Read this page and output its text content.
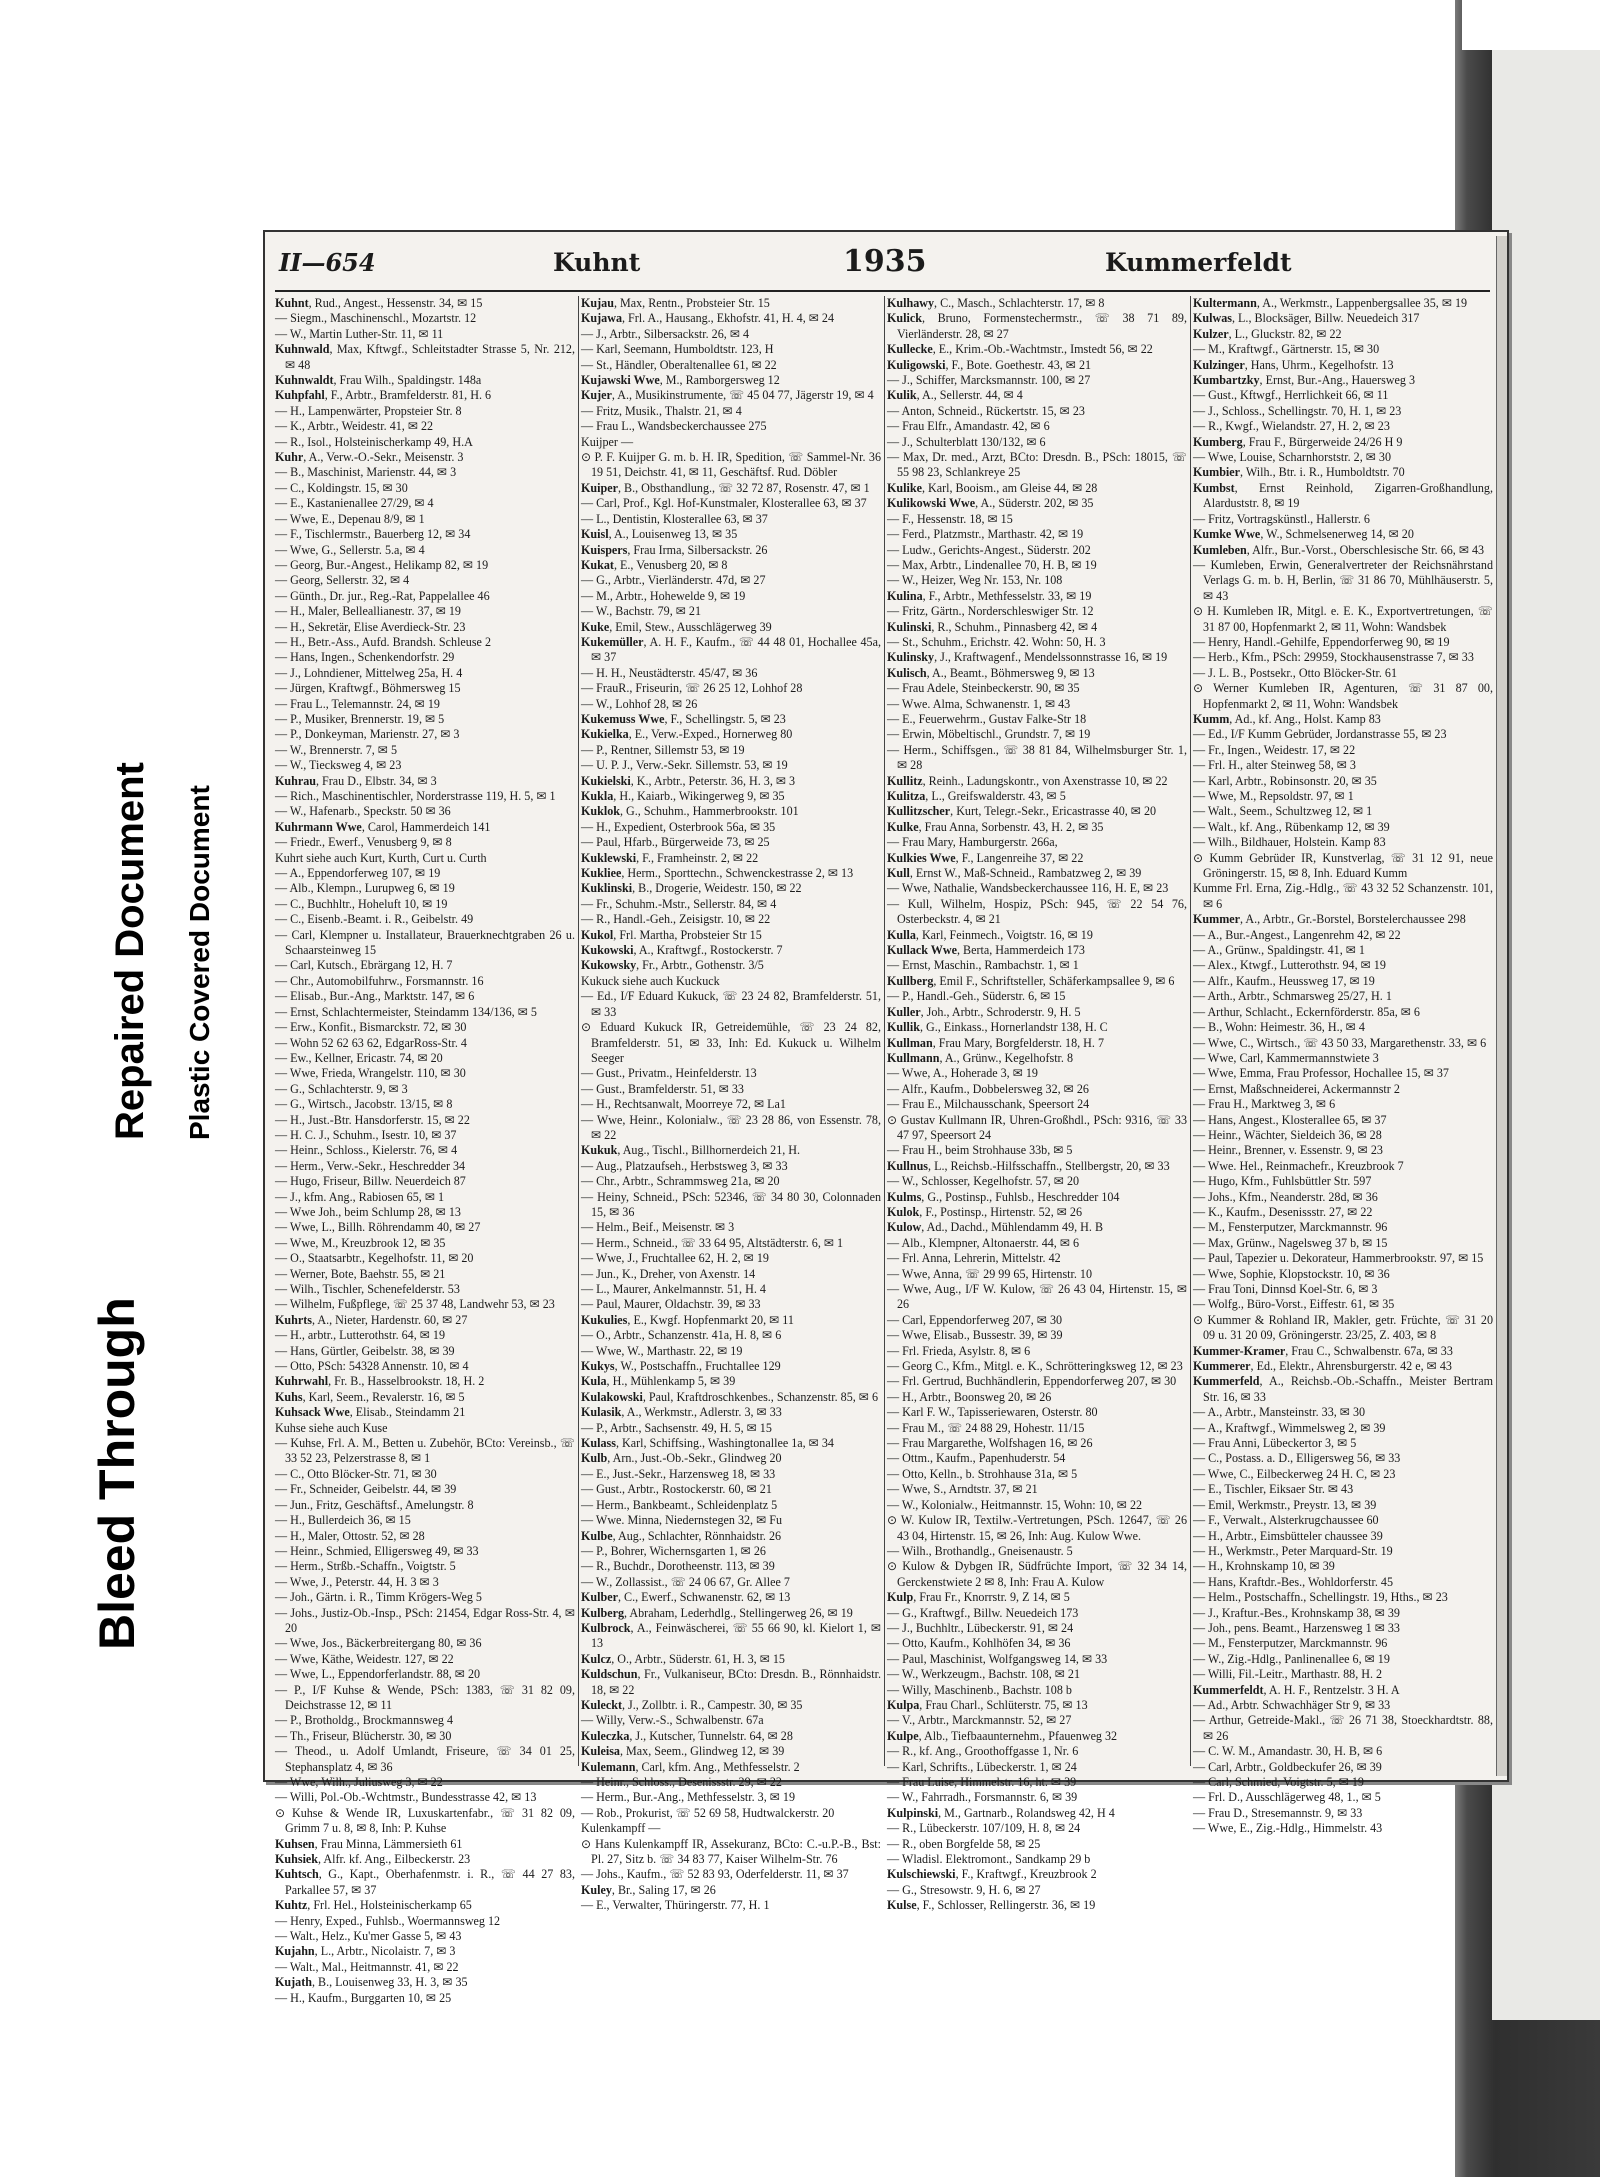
Bleed Through
Repaired Document Plastic Covered Document
II—654	Kuhnt	1935	Kummerfeldt

Kuhnt, Rud., Angest., Hessenstr. 34, ✉ 15

— Siegm., Maschinenschl., Mozartstr. 12

— W., Martin Luther-Str. 11, ✉ 11

Kuhnwald, Max, Kftwgf., Schleitstadter Strasse 5, Nr. 212, ✉ 48

Kuhnwaldt, Frau Wilh., Spaldingstr. 148a

Kuhpfahl, F., Arbtr., Bramfelderstr. 81, H. 6

— H., Lampenwärter, Propsteier Str. 8

— K., Arbtr., Weidestr. 41, ✉ 22

— R., Isol., Holsteinischerkamp 49, H.A

Kuhr, A., Verw.-O.-Sekr., Meisenstr. 3

— B., Maschinist, Marienstr. 44, ✉ 3

— C., Koldingstr. 15, ✉ 30

— E., Kastanienallee 27/29, ✉ 4

— Wwe, E., Depenau 8/9, ✉ 1

— F., Tischlermstr., Bauerberg 12, ✉ 34

— Wwe, G., Sellerstr. 5.a, ✉ 4

— Georg, Bur.-Angest., Helikamp 82, ✉ 19

— Georg, Sellerstr. 32, ✉ 4

— Günth., Dr. jur., Reg.-Rat, Pappelallee 46

— H., Maler, Belleallianestr. 37, ✉ 19

— H., Sekretär, Elise Averdieck-Str. 23

— H., Betr.-Ass., Aufd. Brandsh. Schleuse 2

— Hans, Ingen., Schenkendorfstr. 29

— J., Lohndiener, Mittelweg 25a, H. 4

— Jürgen, Kraftwgf., Böhmersweg 15

— Frau L., Telemannstr. 24, ✉ 19

— P., Musiker, Brennerstr. 19, ✉ 5

— P., Donkeyman, Marienstr. 27, ✉ 3

— W., Brennerstr. 7, ✉ 5

— W., Tiecksweg 4, ✉ 23

Kuhrau, Frau D., Elbstr. 34, ✉ 3

— Rich., Maschinentischler, Norderstrasse 119, H. 5, ✉ 1

— W., Hafenarb., Speckstr. 50 ✉ 36

Kuhrmann Wwe, Carol, Hammerdeich 141

— Friedr., Ewerf., Venusberg 9, ✉ 8

Kuhrt siehe auch Kurt, Kurth, Curt u. Curth

— A., Eppendorferweg 107, ✉ 19

— Alb., Klempn., Lurupweg 6, ✉ 19

— C., Buchhltr., Hoheluft 10, ✉ 19

— C., Eisenb.-Beamt. i. R., Geibelstr. 49

— Carl, Klempner u. Installateur, Brauerknechtgraben 26 u. Schaarsteinweg 15

— Carl, Kutsch., Ebrärgang 12, H. 7

— Chr., Automobilfuhrw., Forsmannstr. 16

— Elisab., Bur.-Ang., Marktstr. 147, ✉ 6

— Ernst, Schlachtermeister, Steindamm 134/136, ✉ 5

— Erw., Konfit., Bismarckstr. 72, ✉ 30

— Wohn 52 62 63 62, EdgarRoss-Str. 4

— Ew., Kellner, Ericastr. 74, ✉ 20

— Wwe, Frieda, Wrangelstr. 110, ✉ 30

— G., Schlachterstr. 9, ✉ 3

— G., Wirtsch., Jacobstr. 13/15, ✉ 8

— H., Just.-Btr. Hansdorferstr. 15, ✉ 22

— H. C. J., Schuhm., Isestr. 10, ✉ 37

— Heinr., Schloss., Kielerstr. 76, ✉ 4

— Herm., Verw.-Sekr., Heschredder 34

— Hugo, Friseur, Billw. Neuerdeich 87

— J., kfm. Ang., Rabiosen 65, ✉ 1

— Wwe Joh., beim Schlump 28, ✉ 13

— Wwe, L., Billh. Röhrendamm 40, ✉ 27

— Wwe, M., Kreuzbrook 12, ✉ 35

— O., Staatsarbtr., Kegelhofstr. 11, ✉ 20

— Werner, Bote, Baehstr. 55, ✉ 21

— Wilh., Tischler, Schenefelderstr. 53

— Wilhelm, Fußpflege, ☏ 25 37 48, Landwehr 53, ✉ 23

Kuhrts, A., Nieter, Hardenstr. 60, ✉ 27

— H., arbtr., Lutterothstr. 64, ✉ 19

— Hans, Gürtler, Geibelstr. 38, ✉ 39

— Otto, PSch: 54328 Annenstr. 10, ✉ 4

Kuhrwahl, Fr. B., Hasselbrookstr. 18, H. 2

Kuhs, Karl, Seem., Revalerstr. 16, ✉ 5

Kuhsack Wwe, Elisab., Steindamm 21

Kuhse siehe auch Kuse

— Kuhse, Frl. A. M., Betten u. Zubehör, BCto: Vereinsb., ☏ 33 52 23, Pelzerstrasse 8, ✉ 1

— C., Otto Blöcker-Str. 71, ✉ 30

— Fr., Schneider, Geibelstr. 44, ✉ 39

— Jun., Fritz, Geschäftsf., Amelungstr. 8

— H., Bullerdeich 36, ✉ 15

— H., Maler, Ottostr. 52, ✉ 28

— Heinr., Schmied, Elligersweg 49, ✉ 33

— Herm., Strßb.-Schaffn., Voigtstr. 5

— Wwe, J., Peterstr. 44, H. 3 ✉ 3

— Joh., Gärtn. i. R., Timm Krögers-Weg 5

— Johs., Justiz-Ob.-Insp., PSch: 21454, Edgar Ross-Str. 4, ✉ 20

— Wwe, Jos., Bäckerbreitergang 80, ✉ 36

— Wwe, Käthe, Weidestr. 127, ✉ 22

— Wwe, L., Eppendorferlandstr. 88, ✉ 20

— P., I/F Kuhse & Wende, PSch: 1383, ☏ 31 82 09, Deichstrasse 12, ✉ 11

— P., Brotholdg., Brockmannsweg 4

— Th., Friseur, Blücherstr. 30, ✉ 30

— Theod., u. Adolf Umlandt, Friseure, ☏ 34 01 25, Stephansplatz 4, ✉ 36

— Wwe, Wilh., Juliusweg 3, ✉ 22

— Willi, Pol.-Ob.-Wchtmstr., Bundesstrasse 42, ✉ 13

⊙ Kuhse & Wende IR, Luxuskartenfabr., ☏ 31 82 09, Grimm 7 u. 8, ✉ 8, Inh: P. Kuhse

Kuhsen, Frau Minna, Lämmersieth 61

Kuhsiek, Alfr. kf. Ang., Eilbeckerstr. 23

Kuhtsch, G., Kapt., Oberhafenmstr. i. R., ☏ 44 27 83, Parkallee 57, ✉ 37

Kuhtz, Frl. Hel., Holsteinischerkamp 65

— Henry, Exped., Fuhlsb., Woermannsweg 12

— Walt., Helz., Ku'mer Gasse 5, ✉ 43

Kujahn, L., Arbtr., Nicolaistr. 7, ✉ 3

— Walt., Mal., Heitmannstr. 41, ✉ 22

Kujath, B., Louisenweg 33, H. 3, ✉ 35

— H., Kaufm., Burggarten 10, ✉ 25

Kujau, Max, Rentn., Probsteier Str. 15

Kujawa, Frl. A., Hausang., Ekhofstr. 41, H. 4, ✉ 24

— J., Arbtr., Silbersackstr. 26, ✉ 4

— Karl, Seemann, Humboldtstr. 123, H

— St., Händler, Oberaltenallee 61, ✉ 22

Kujawski Wwe, M., Ramborgersweg 12

Kujer, A., Musikinstrumente, ☏ 45 04 77, Jägerstr 19, ✉ 4

— Fritz, Musik., Thalstr. 21, ✉ 4

— Frau L., Wandsbeckerchaussee 275

Kuijper —

⊙ P. F. Kuijper G. m. b. H. IR, Spedition, ☏ Sammel-Nr. 36 19 51, Deichstr. 41, ✉ 11, Geschäftsf. Rud. Döbler

Kuiper, B., Obsthandlung., ☏ 32 72 87, Rosenstr. 47, ✉ 1

— Carl, Prof., Kgl. Hof-Kunstmaler, Klosterallee 63, ✉ 37

— L., Dentistin, Klosterallee 63, ✉ 37

Kuisl, A., Louisenweg 13, ✉ 35

Kuispers, Frau Irma, Silbersackstr. 26

Kukat, E., Venusberg 20, ✉ 8

— G., Arbtr., Vierländerstr. 47d, ✉ 27

— M., Arbtr., Hohewelde 9, ✉ 19

— W., Bachstr. 79, ✉ 21

Kuke, Emil, Stew., Ausschlägerweg 39

Kukemüller, A. H. F., Kaufm., ☏ 44 48 01, Hochallee 45a, ✉ 37

— H. H., Neustädterstr. 45/47, ✉ 36

— FrauR., Friseurin, ☏ 26 25 12, Lohhof 28

— W., Lohhof 28, ✉ 26

Kukemuss Wwe, F., Schellingstr. 5, ✉ 23

Kukielka, E., Verw.-Exped., Hornerweg 80

— P., Rentner, Sillemstr 53, ✉ 19

— U. P. J., Verw.-Sekr. Sillemstr. 53, ✉ 19

Kukielski, K., Arbtr., Peterstr. 36, H. 3, ✉ 3

Kukla, H., Kaiarb., Wikingerweg 9, ✉ 35

Kuklok, G., Schuhm., Hammerbrookstr. 101

— H., Expedient, Osterbrook 56a, ✉ 35

— Paul, Hfarb., Bürgerweide 73, ✉ 25

Kuklewski, F., Framheinstr. 2, ✉ 22

Kukliee, Herm., Sporttechn., Schwenckestrasse 2, ✉ 13

Kuklinski, B., Drogerie, Weidestr. 150, ✉ 22

— Fr., Schuhm.-Mstr., Sellerstr. 84, ✉ 4

— R., Handl.-Geh., Zeisigstr. 10, ✉ 22

Kukol, Frl. Martha, Probsteier Str 15

Kukowski, A., Kraftwgf., Rostockerstr. 7

Kukowsky, Fr., Arbtr., Gothenstr. 3/5

Kukuck siehe auch Kuckuck

— Ed., I/F Eduard Kukuck, ☏ 23 24 82, Bramfelderstr. 51, ✉ 33

⊙ Eduard Kukuck IR, Getreidemühle, ☏ 23 24 82, Bramfelderstr. 51, ✉ 33, Inh: Ed. Kukuck u. Wilhelm Seeger

— Gust., Privatm., Heinfelderstr. 13

— Gust., Bramfelderstr. 51, ✉ 33

— H., Rechtsanwalt, Moorreye 72, ✉ La1

— Wwe, Heinr., Kolonialw., ☏ 23 28 86, von Essenstr. 78, ✉ 22

Kukuk, Aug., Tischl., Billhornerdeich 21, H.

— Aug., Platzaufseh., Herbstsweg 3, ✉ 33

— Chr., Arbtr., Schrammsweg 21a, ✉ 20

— Heiny, Schneid., PSch: 52346, ☏ 34 80 30, Colonnaden 15, ✉ 36

— Helm., Beif., Meisenstr. ✉ 3

— Herm., Schneid., ☏ 33 64 95, Altstädterstr. 6, ✉ 1

— Wwe, J., Fruchtallee 62, H. 2, ✉ 19

— Jun., K., Dreher, von Axenstr. 14

— L., Maurer, Ankelmannstr. 51, H. 4

— Paul, Maurer, Oldachstr. 39, ✉ 33

Kukulies, E., Kwgf. Hopfenmarkt 20, ✉ 11

— O., Arbtr., Schanzenstr. 41a, H. 8, ✉ 6

— Wwe, W., Marthastr. 22, ✉ 19

Kukys, W., Postschaffn., Fruchtallee 129

Kula, H., Mühlenkamp 5, ✉ 39

Kulakowski, Paul, Kraftdroschkenbes., Schanzenstr. 85, ✉ 6

Kulasik, A., Werkmstr., Adlerstr. 3, ✉ 33

— P., Arbtr., Sachsenstr. 49, H. 5, ✉ 15

Kulass, Karl, Schiffsing., Washingtonallee 1a, ✉ 34

Kulb, Arn., Just.-Ob.-Sekr., Glindweg 20

— E., Just.-Sekr., Harzensweg 18, ✉ 33

— Gust., Arbtr., Rostockerstr. 60, ✉ 21

— Herm., Bankbeamt., Schleidenplatz 5

— Wwe. Minna, Niedernstegen 32, ✉ Fu

Kulbe, Aug., Schlachter, Rönnhaidstr. 26

— P., Bohrer, Wichernsgarten 1, ✉ 26

— R., Buchdr., Dorotheenstr. 113, ✉ 39

— W., Zollassist., ☏ 24 06 67, Gr. Allee 7

Kulber, C., Ewerf., Schwanenstr. 62, ✉ 13

Kulberg, Abraham, Lederhdlg., Stellingerweg 26, ✉ 19

Kulbrock, A., Feinwäscherei, ☏ 55 66 90, kl. Kielort 1, ✉ 13

Kulcz, O., Arbtr., Süderstr. 61, H. 3, ✉ 15

Kuldschun, Fr., Vulkaniseur, BCto: Dresdn. B., Rönnhaidstr. 18, ✉ 22

Kuleckt, J., Zollbtr. i. R., Campestr. 30, ✉ 35

— Willy, Verw.-S., Schwalbenstr. 67a

Kuleczka, J., Kutscher, Tunnelstr. 64, ✉ 28

Kuleisa, Max, Seem., Glindweg 12, ✉ 39

Kulemann, Carl, kfm. Ang., Methfesselstr. 2

— Heinr., Schloss., Desenissstr. 29, ✉ 22

— Herm., Bur.-Ang., Methfesselstr. 3, ✉ 19

— Rob., Prokurist, ☏ 52 69 58, Hudtwalckerstr. 20

Kulenkampff —

⊙ Hans Kulenkampff IR, Assekuranz, BCto: C.-u.P.-B., Bst: Pl. 27, Sitz b. ☏ 34 83 77, Kaiser Wilhelm-Str. 76

— Johs., Kaufm., ☏ 52 83 93, Oderfelderstr. 11, ✉ 37

Kuley, Br., Saling 17, ✉ 26

— E., Verwalter, Thüringerstr. 77, H. 1

Kulhawy, C., Masch., Schlachterstr. 17, ✉ 8

Kulick, Bruno, Formenstechermstr., ☏ 38 71 89, Vierländerstr. 28, ✉ 27

Kullecke, E., Krim.-Ob.-Wachtmstr., Imstedt 56, ✉ 22

Kuligowski, F., Bote. Goethestr. 43, ✉ 21

— J., Schiffer, Marcksmannstr. 100, ✉ 27

Kulik, A., Sellerstr. 44, ✉ 4

— Anton, Schneid., Rückertstr. 15, ✉ 23

— Frau Elfr., Amandastr. 42, ✉ 6

— J., Schulterblatt 130/132, ✉ 6

— Max, Dr. med., Arzt, BCto: Dresdn. B., PSch: 18015, ☏ 55 98 23, Schlankreye 25

Kulike, Karl, Booism., am Gleise 44, ✉ 28

Kulikowski Wwe, A., Süderstr. 202, ✉ 35

— F., Hessenstr. 18, ✉ 15

— Ferd., Platzmstr., Marthastr. 42, ✉ 19

— Ludw., Gerichts-Angest., Süderstr. 202

— Max, Arbtr., Lindenallee 70, H. B, ✉ 19

— W., Heizer, Weg Nr. 153, Nr. 108

Kulina, F., Arbtr., Methfesselstr. 33, ✉ 19

— Fritz, Gärtn., Norderschleswiger Str. 12

Kulinski, R., Schuhm., Pinnasberg 42, ✉ 4

— St., Schuhm., Erichstr. 42. Wohn: 50, H. 3

Kulinsky, J., Kraftwagenf., Mendelssonnstrasse 16, ✉ 19

Kulisch, A., Beamt., Böhmersweg 9, ✉ 13

— Frau Adele, Steinbeckerstr. 90, ✉ 35

— Wwe. Alma, Schwanenstr. 1, ✉ 43

— E., Feuerwehrm., Gustav Falke-Str 18

— Erwin, Möbeltischl., Grundstr. 7, ✉ 19

— Herm., Schiffsgen., ☏ 38 81 84, Wilhelmsburger Str. 1, ✉ 28

Kullitz, Reinh., Ladungskontr., von Axenstrasse 10, ✉ 22

Kulitza, L., Greifswalderstr. 43, ✉ 5

Kullitzscher, Kurt, Telegr.-Sekr., Ericastrasse 40, ✉ 20

Kulke, Frau Anna, Sorbenstr. 43, H. 2, ✉ 35

— Frau Mary, Hamburgerstr. 266a,

Kulkies Wwe, F., Langenreihe 37, ✉ 22

Kull, Ernst W., Maß-Schneid., Rambatzweg 2, ✉ 39

— Wwe, Nathalie, Wandsbeckerchaussee 116, H. E, ✉ 23

— Kull, Wilhelm, Hospiz, PSch: 945, ☏ 22 54 76, Osterbeckstr. 4, ✉ 21

Kulla, Karl, Feinmech., Voigtstr. 16, ✉ 19

Kullack Wwe, Berta, Hammerdeich 173

— Ernst, Maschin., Rambachstr. 1, ✉ 1

Kullberg, Emil F., Schriftsteller, Schäferkampsallee 9, ✉ 6

— P., Handl.-Geh., Süderstr. 6, ✉ 15

Kuller, Joh., Arbtr., Schroderstr. 9, H. 5

Kullik, G., Einkass., Hornerlandstr 138, H. C

Kullman, Frau Mary, Borgfelderstr. 18, H. 7

Kullmann, A., Grünw., Kegelhofstr. 8

— Wwe, A., Hoherade 3, ✉ 19

— Alfr., Kaufm., Dobbelersweg 32, ✉ 26

— Frau E., Milchausschank, Speersort 24

⊙ Gustav Kullmann IR, Uhren-Großhdl., PSch: 9316, ☏ 33 47 97, Speersort 24

— Frau H., beim Strohhause 33b, ✉ 5

Kullnus, L., Reichsb.-Hilfsschaffn., Stellbergstr, 20, ✉ 33

— W., Schlosser, Kegelhofstr. 57, ✉ 20

Kulms, G., Postinsp., Fuhlsb., Heschredder 104

Kulok, F., Postinsp., Hirtenstr. 52, ✉ 26

Kulow, Ad., Dachd., Mühlendamm 49, H. B

— Alb., Klempner, Altonaerstr. 44, ✉ 6

— Frl. Anna, Lehrerin, Mittelstr. 42

— Wwe, Anna, ☏ 29 99 65, Hirtenstr. 10

— Wwe, Aug., I/F W. Kulow, ☏ 26 43 04, Hirtenstr. 15, ✉ 26

— Carl, Eppendorferweg 207, ✉ 30

— Wwe, Elisab., Bussestr. 39, ✉ 39

— Frl. Frieda, Asylstr. 8, ✉ 6

— Georg C., Kfm., Mitgl. e. K., Schrötteringksweg 12, ✉ 23

— Frl. Gertrud, Buchhändlerin, Eppendorferweg 207, ✉ 30

— H., Arbtr., Boonsweg 20, ✉ 26

— Karl F. W., Tapisseriewaren, Osterstr. 80

— Frau M., ☏ 24 88 29, Hohestr. 11/15

— Frau Margarethe, Wolfshagen 16, ✉ 26

— Ottm., Kaufm., Papenhuderstr. 54

— Otto, Kelln., b. Strohhause 31a, ✉ 5

— Wwe, S., Arndtstr. 37, ✉ 21

— W., Kolonialw., Heitmannstr. 15, Wohn: 10, ✉ 22

⊙ W. Kulow IR, Textilw.-Vertretungen, PSch. 12647, ☏ 26 43 04, Hirtenstr. 15, ✉ 26, Inh: Aug. Kulow Wwe.

— Wilh., Brothandlg., Gneisenaustr. 5

⊙ Kulow & Dybgen IR, Südfrüchte Import, ☏ 32 34 14, Gerckenstwiete 2 ✉ 8, Inh: Frau A. Kulow

Kulp, Frau Fr., Knorrstr. 9, Z 14, ✉ 5

— G., Kraftwgf., Billw. Neuedeich 173

— J., Buchhltr., Lübeckerstr. 91, ✉ 24

— Otto, Kaufm., Kohlhöfen 34, ✉ 36

— Paul, Maschinist, Wolfgangsweg 14, ✉ 33

— W., Werkzeugm., Bachstr. 108, ✉ 21

— Willy, Maschinenb., Bachstr. 108 b

Kulpa, Frau Charl., Schlüterstr. 75, ✉ 13

— V., Arbtr., Marckmannstr. 52, ✉ 27

Kulpe, Alb., Tiefbaaunternehm., Pfauenweg 32

— R., kf. Ang., Groothoffgasse 1, Nr. 6

— Karl, Schrifts., Lübeckerstr. 1, ✉ 24

— Frau Luise, Himmelstr. 16, ht. ✉ 39

— W., Fahrradh., Forsmannstr. 6, ✉ 39

Kulpinski, M., Gartnarb., Rolandsweg 42, H 4

— R., Lübeckerstr. 107/109, H. 8, ✉ 24

— R., oben Borgfelde 58, ✉ 25

— Wladisl. Elektromont., Sandkamp 29 b

Kulschiewski, F., Kraftwgf., Kreuzbrook 2

— G., Stresowstr. 9, H. 6, ✉ 27

Kulse, F., Schlosser, Rellingerstr. 36, ✉ 19

Kultermann, A., Werkmstr., Lappenbergsallee 35, ✉ 19

Kulwas, L., Blocksäger, Billw. Neuedeich 317

Kulzer, L., Gluckstr. 82, ✉ 22

— M., Kraftwgf., Gärtnerstr. 15, ✉ 30

Kulzinger, Hans, Uhrm., Kegelhofstr. 13

Kumbartzky, Ernst, Bur.-Ang., Hauersweg 3

— Gust., Kftwgf., Herrlichkeit 66, ✉ 11

— J., Schloss., Schellingstr. 70, H. 1, ✉ 23

— R., Kwgf., Wielandstr. 27, H. 2, ✉ 23

Kumberg, Frau F., Bürgerweide 24/26 H 9

— Wwe, Louise, Scharnhorststr. 2, ✉ 30

Kumbier, Wilh., Btr. i. R., Humboldtstr. 70

Kumbst, Ernst Reinhold, Zigarren-Großhandlung, Alarduststr. 8, ✉ 19

— Fritz, Vortragskünstl., Hallerstr. 6

Kumke Wwe, W., Schmelsenerweg 14, ✉ 20

Kumleben, Alfr., Bur.-Vorst., Oberschlesische Str. 66, ✉ 43

— Kumleben, Erwin, Generalvertreter der Reichsnährstand Verlags G. m. b. H, Berlin, ☏ 31 86 70, Mühlhäuserstr. 5, ✉ 43

⊙ H. Kumleben IR, Mitgl. e. E. K., Exportvertretungen, ☏ 31 87 00, Hopfenmarkt 2, ✉ 11, Wohn: Wandsbek

— Henry, Handl.-Gehilfe, Eppendorferweg 90, ✉ 19

— Herb., Kfm., PSch: 29959, Stockhausenstrasse 7, ✉ 33

— J. L. B., Postsekr., Otto Blöcker-Str. 61

⊙ Werner Kumleben IR, Agenturen, ☏ 31 87 00, Hopfenmarkt 2, ✉ 11, Wohn: Wandsbek

Kumm, Ad., kf. Ang., Holst. Kamp 83

— Ed., I/F Kumm Gebrüder, Jordanstrasse 55, ✉ 23

— Fr., Ingen., Weidestr. 17, ✉ 22

— Frl. H., alter Steinweg 58, ✉ 3

— Karl, Arbtr., Robinsonstr. 20, ✉ 35

— Wwe, M., Repsoldstr. 97, ✉ 1

— Walt., Seem., Schultzweg 12, ✉ 1

— Walt., kf. Ang., Rübenkamp 12, ✉ 39

— Wilh., Bildhauer, Holstein. Kamp 83

⊙ Kumm Gebrüder IR, Kunstverlag, ☏ 31 12 91, neue Gröningerstr. 15, ✉ 8, Inh. Eduard Kumm

Kumme Frl. Erna, Zig.-Hdlg., ☏ 43 32 52 Schanzenstr. 101, ✉ 6

Kummer, A., Arbtr., Gr.-Borstel, Borstelerchaussee 298

— A., Bur.-Angest., Langenrehm 42, ✉ 22

— A., Grünw., Spaldingstr. 41, ✉ 1

— Alex., Ktwgf., Lutterothstr. 94, ✉ 19

— Alfr., Kaufm., Heussweg 17, ✉ 19

— Arth., Arbtr., Schmarsweg 25/27, H. 1

— Arthur, Schlacht., Eckernförderstr. 85a, ✉ 6

— B., Wohn: Heimestr. 36, H., ✉ 4

— Wwe, C., Wirtsch., ☏ 43 50 33, Margarethenstr. 33, ✉ 6

— Wwe, Carl, Kammermannstwiete 3

— Wwe, Emma, Frau Professor, Hochallee 15, ✉ 37

— Ernst, Maßschneiderei, Ackermannstr 2

— Frau H., Marktweg 3, ✉ 6

— Hans, Angest., Klosterallee 65, ✉ 37

— Heinr., Wächter, Sieldeich 36, ✉ 28

— Heinr., Brenner, v. Essenstr. 9, ✉ 23

— Wwe. Hel., Reinmachefr., Kreuzbrook 7

— Hugo, Kfm., Fuhlsbüttler Str. 597

— Johs., Kfm., Neanderstr. 28d, ✉ 36

— K., Kaufm., Desenissstr. 27, ✉ 22

— M., Fensterputzer, Marckmannstr. 96

— Max, Grünw., Nagelsweg 37 b, ✉ 15

— Paul, Tapezier u. Dekorateur, Hammerbrookstr. 97, ✉ 15

— Wwe, Sophie, Klopstockstr. 10, ✉ 36

— Frau Toni, Dinnsd Koel-Str. 6, ✉ 3

— Wolfg., Büro-Vorst., Eiffestr. 61, ✉ 35

⊙ Kummer & Rohland IR, Makler, getr. Früchte, ☏ 31 20 09 u. 31 20 09, Gröningerstr. 23/25, Z. 403, ✉ 8

Kummer-Kramer, Frau C., Schwalbenstr. 67a, ✉ 33

Kummerer, Ed., Elektr., Ahrensburgerstr. 42 e, ✉ 43

Kummerfeld, A., Reichsb.-Ob.-Schaffn., Meister Bertram Str. 16, ✉ 33

— A., Arbtr., Mansteinstr. 33, ✉ 30

— A., Kraftwgf., Wimmelsweg 2, ✉ 39

— Frau Anni, Lübeckertor 3, ✉ 5

— C., Postass. a. D., Elligersweg 56, ✉ 33

— Wwe, C., Eilbeckerweg 24 H. C, ✉ 23

— E., Tischler, Eiksaer Str. ✉ 43

— Emil, Werkmstr., Preystr. 13, ✉ 39

— F., Verwalt., Alsterkrugchaussee 60

— H., Arbtr., Eimsbütteler chaussee 39

— H., Werkmstr., Peter Marquard-Str. 19

— H., Krohnskamp 10, ✉ 39

— Hans, Kraftdr.-Bes., Wohldorferstr. 45

— Helm., Postschaffn., Schellingstr. 19, Hths., ✉ 23

— J., Kraftur.-Bes., Krohnskamp 38, ✉ 39

— Joh., pens. Beamt., Harzensweg 1 ✉ 33

— M., Fensterputzer, Marckmannstr. 96

— W., Zig.-Hdlg., Panlinenallee 6, ✉ 19

— Willi, Fil.-Leitr., Marthastr. 88, H. 2

Kummerfeldt, A. H. F., Rentzelstr. 3 H. A

— Ad., Arbtr. Schwachhäger Str 9, ✉ 33

— Arthur, Getreide-Makl., ☏ 26 71 38, Stoeckhardtstr. 88, ✉ 26

— C. W. M., Amandastr. 30, H. B, ✉ 6

— Carl, Arbtr., Goldbeckufer 26, ✉ 39

— Carl, Schmied, Voigtstr. 5, ✉ 19

— Frl. D., Ausschlägerweg 48, 1., ✉ 5

— Frau D., Stresemannstr. 9, ✉ 33

— Wwe, E., Zig.-Hdlg., Himmelstr. 43
